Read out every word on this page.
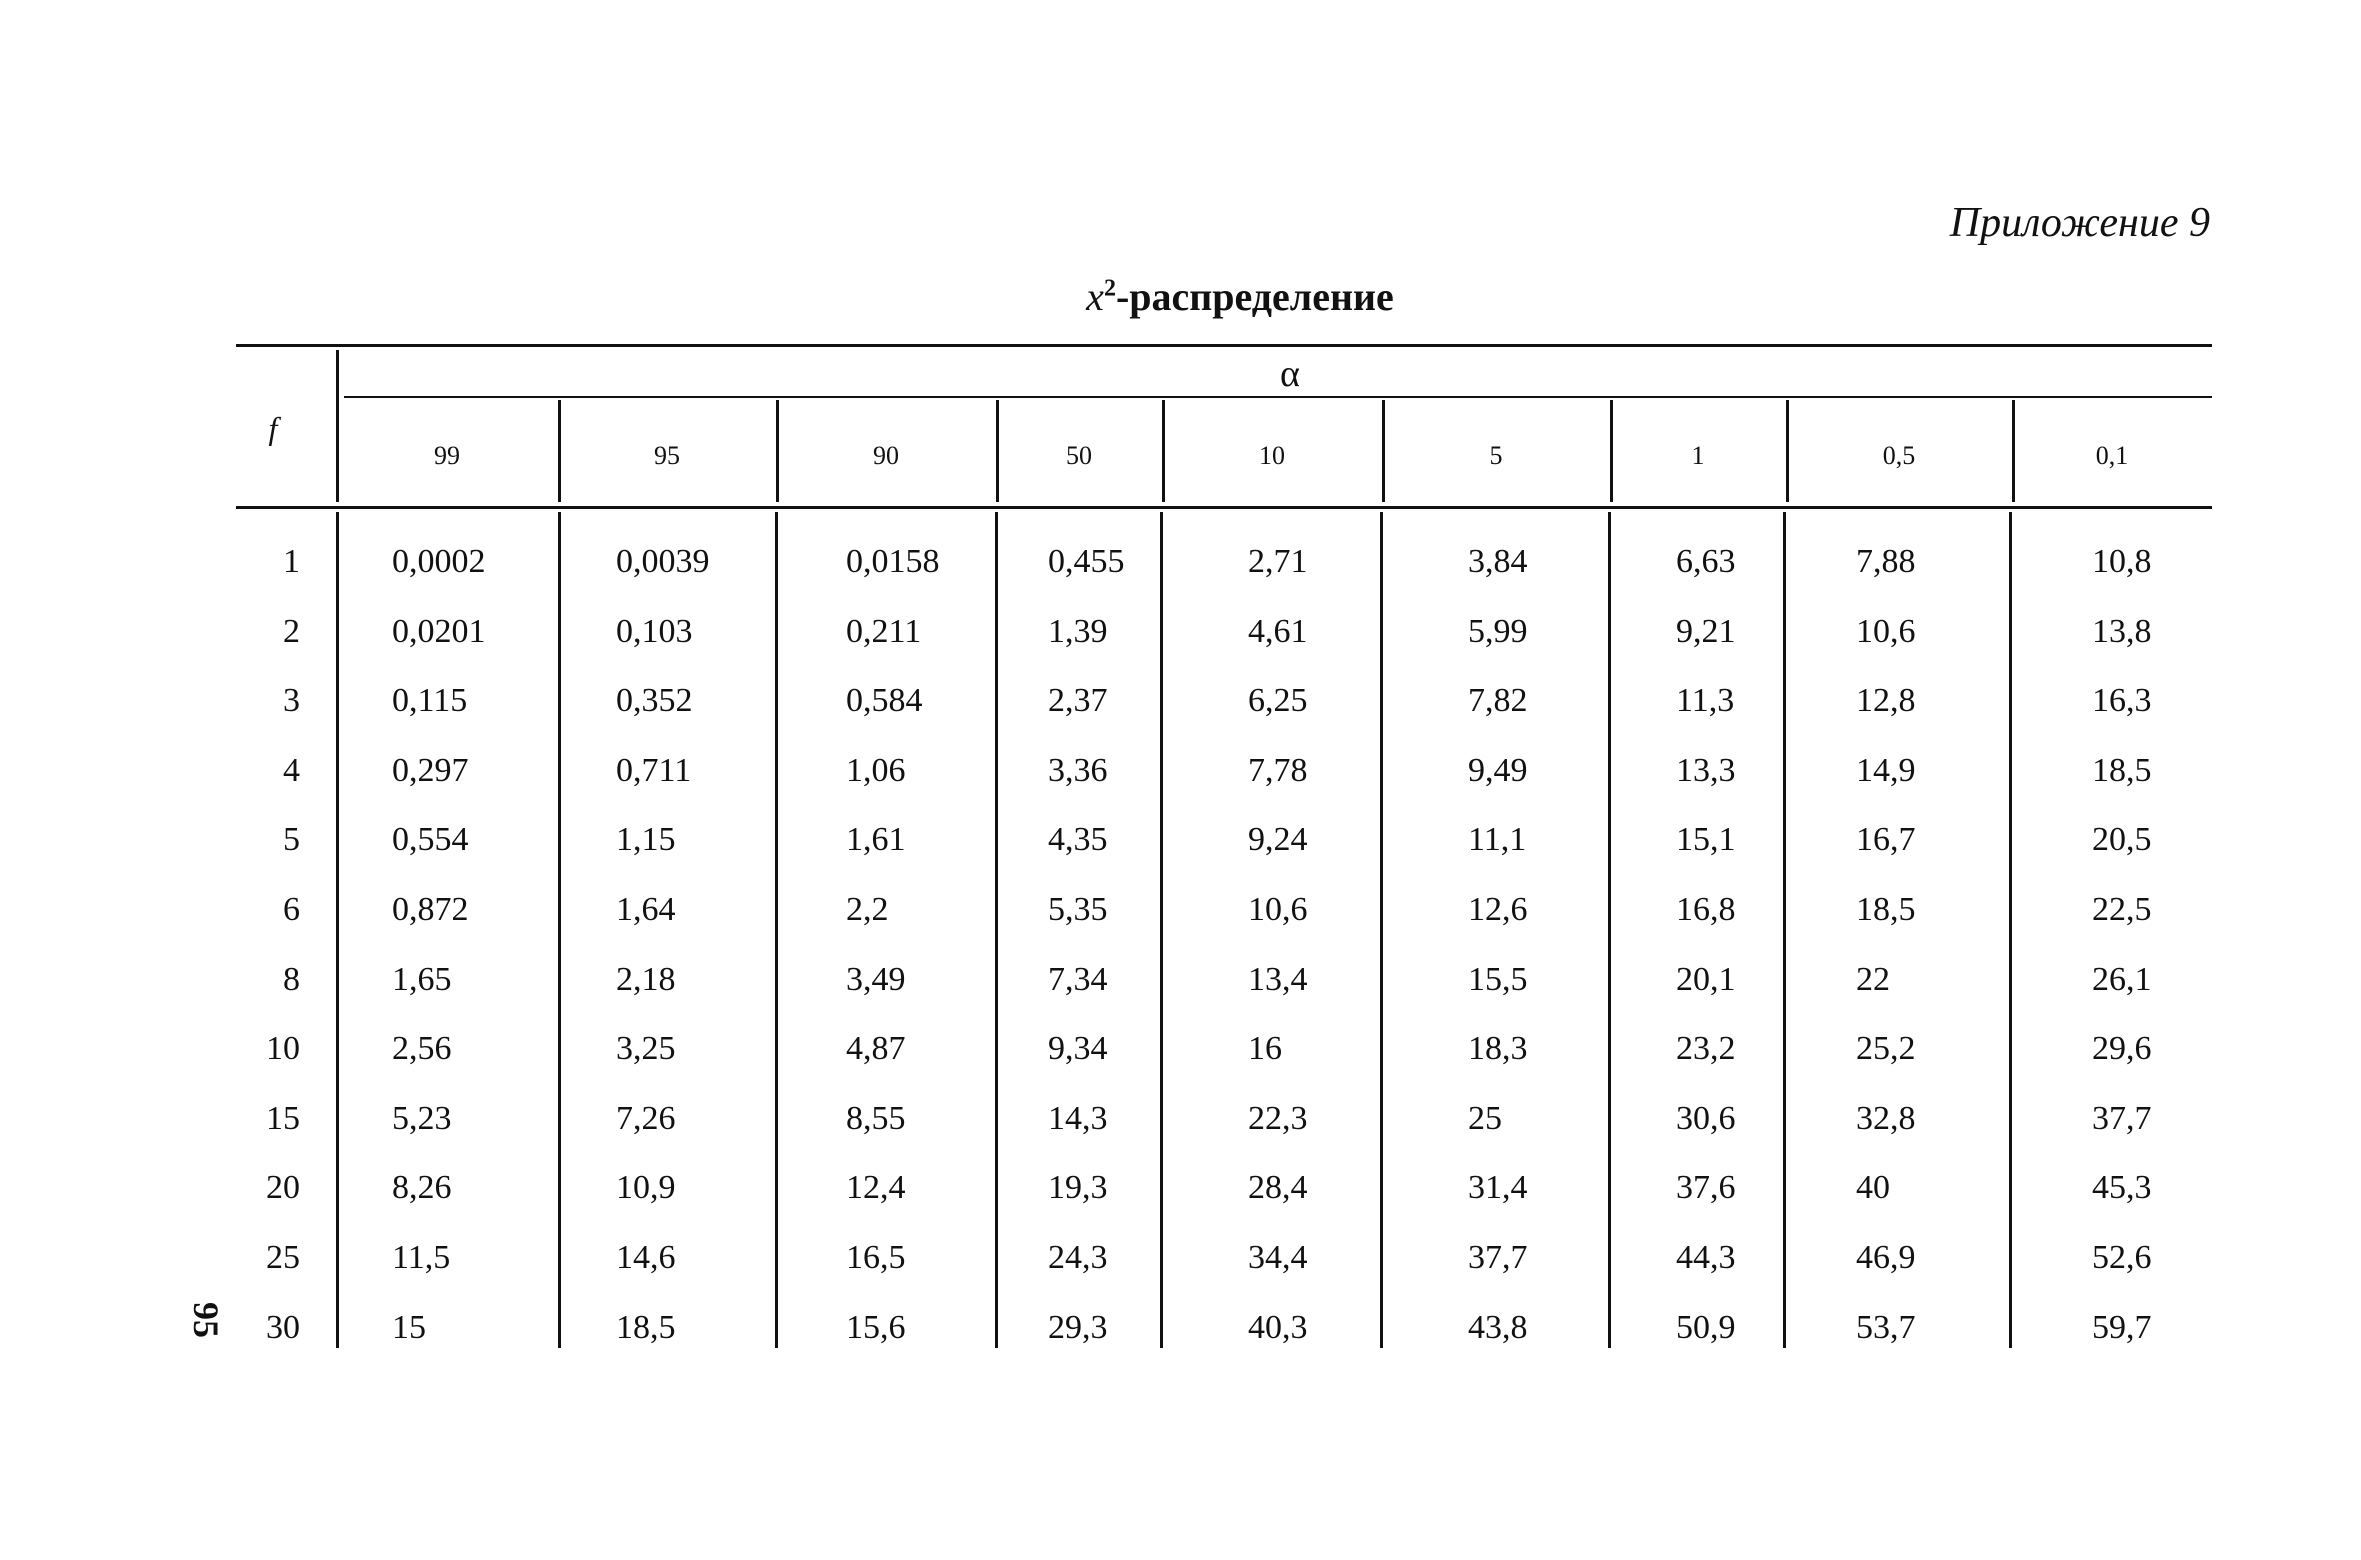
Приложение 9
$x^2$-распределение
f
α
99	95	90	50	10	5	1	0,5	0,1
1	0,0002	0,0039	0,0158	0,455	2,71	3,84	6,63	7,88	10,8
2	0,0201	0,103	0,211	1,39	4,61	5,99	9,21	10,6	13,8
3	0,115	0,352	0,584	2,37	6,25	7,82	11,3	12,8	16,3
4	0,297	0,711	1,06	3,36	7,78	9,49	13,3	14,9	18,5
5	0,554	1,15	1,61	4,35	9,24	11,1	15,1	16,7	20,5
6	0,872	1,64	2,2	5,35	10,6	12,6	16,8	18,5	22,5
8	1,65	2,18	3,49	7,34	13,4	15,5	20,1	22	26,1
10	2,56	3,25	4,87	9,34	16	18,3	23,2	25,2	29,6
15	5,23	7,26	8,55	14,3	22,3	25	30,6	32,8	37,7
20	8,26	10,9	12,4	19,3	28,4	31,4	37,6	40	45,3
25	11,5	14,6	16,5	24,3	34,4	37,7	44,3	46,9	52,6
30	15	18,5	15,6	29,3	40,3	43,8	50,9	53,7	59,7
95
